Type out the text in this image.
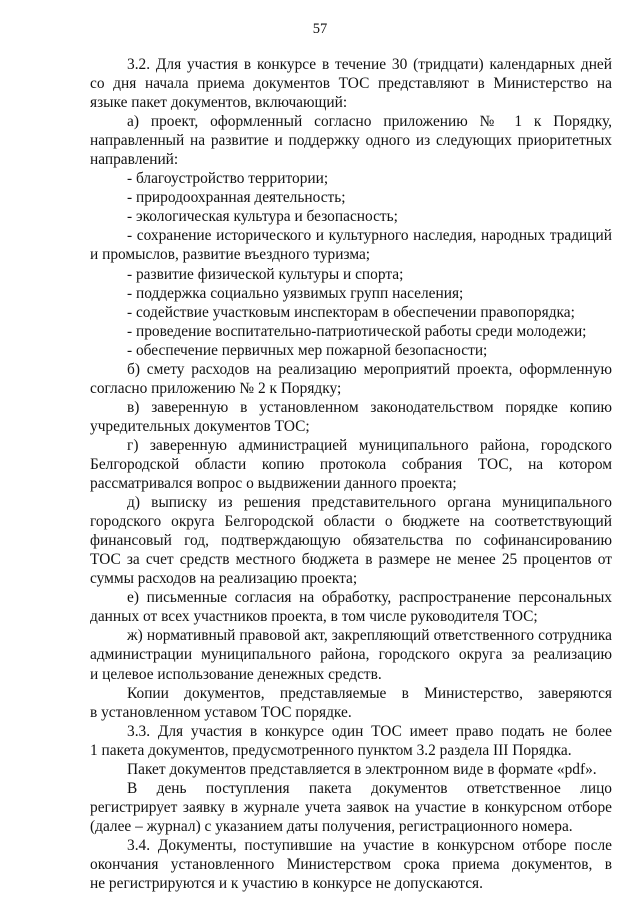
57
3.2. Для участия в конкурсе в течение 30 (тридцати) календарных дней
со дня начала приема документов ТОС представляют в Министерство на
языке пакет документов, включающий:
а) проект, оформленный согласно приложению № 1 к Порядку,
направленный на развитие и поддержку одного из следующих приоритетных
направлений:
- благоустройство территории;
- природоохранная деятельность;
- экологическая культура и безопасность;
- сохранение исторического и культурного наследия, народных традиций
и промыслов, развитие въездного туризма;
- развитие физической культуры и спорта;
- поддержка социально уязвимых групп населения;
- содействие участковым инспекторам в обеспечении правопорядка;
- проведение воспитательно-патриотической работы среди молодежи;
- обеспечение первичных мер пожарной безопасности;
б) смету расходов на реализацию мероприятий проекта, оформленную
согласно приложению № 2 к Порядку;
в) заверенную в установленном законодательством порядке копию
учредительных документов ТОС;
г) заверенную администрацией муниципального района, городского
Белгородской области копию протокола собрания ТОС, на котором
рассматривался вопрос о выдвижении данного проекта;
д) выписку из решения представительного органа муниципального
городского округа Белгородской области о бюджете на соответствующий
финансовый год, подтверждающую обязательства по софинансированию
ТОС за счет средств местного бюджета в размере не менее 25 процентов от
суммы расходов на реализацию проекта;
е) письменные согласия на обработку, распространение персональных
данных от всех участников проекта, в том числе руководителя ТОС;
ж) нормативный правовой акт, закрепляющий ответственного сотрудника
администрации муниципального района, городского округа за реализацию
и целевое использование денежных средств.
Копии документов, представляемые в Министерство, заверяются
в установленном уставом ТОС порядке.
3.3. Для участия в конкурсе один ТОС имеет право подать не более
1 пакета документов, предусмотренного пунктом 3.2 раздела III Порядка.
Пакет документов представляется в электронном виде в формате «pdf».
В день поступления пакета документов ответственное лицо
регистрирует заявку в журнале учета заявок на участие в конкурсном отборе
(далее – журнал) с указанием даты получения, регистрационного номера.
3.4. Документы, поступившие на участие в конкурсном отборе после
окончания установленного Министерством срока приема документов, в
не регистрируются и к участию в конкурсе не допускаются.
